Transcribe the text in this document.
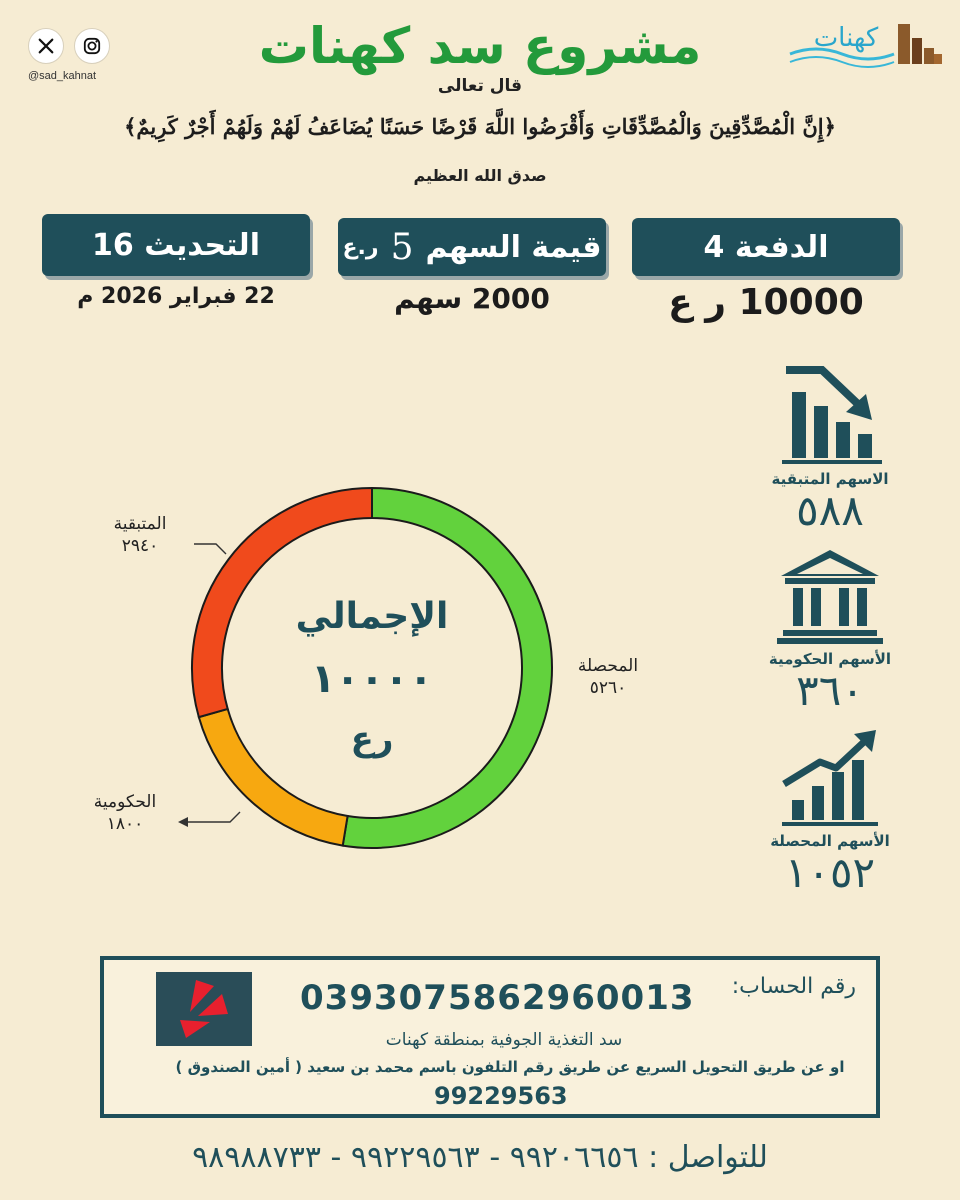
@sad_kahnat
كهنات
مشروع سد كهنات
قال تعالى
﴿إِنَّ الْمُصَّدِّقِينَ وَالْمُصَّدِّقَاتِ وَأَقْرَضُوا اللَّهَ قَرْضًا حَسَنًا يُضَاعَفُ لَهُمْ وَلَهُمْ أَجْرٌ كَرِيمٌ﴾
صدق الله العظيم
الدفعة 4
10000 ر ع
قيمة السهم
5
ر.ع
2000 سهم
التحديث 16
22 فبراير 2026 م
الإجمالي
١٠٠٠٠
رع
المتبقية
٢٩٤٠
المحصلة
٥٢٦٠
الحكومية
١٨٠٠
الاسهم المتبقية
٥٨٨
الأسهم الحكومية
٣٦٠
الأسهم المحصلة
١٠٥٢
رقم الحساب:
0393075862960013
سد التغذية الجوفية بمنطقة كهنات
او عن طريق التحويل السريع عن طريق رقم التلفون باسم محمد بن سعيد ( أمين الصندوق )
99229563
للتواصل : ٩٩٢٠٦٦٥٦ - ٩٩٢٢٩٥٦٣ - ٩٨٩٨٨٧٣٣
